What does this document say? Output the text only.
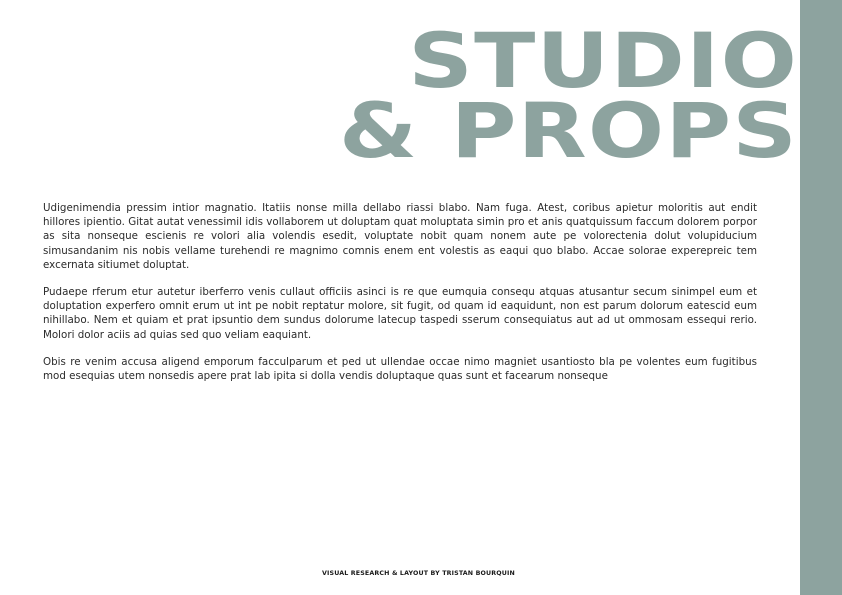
STUDIO
& PROPS

Udigenimendia pressim intior magnatio. Itatiis nonse milla dellabo riassi blabo. Nam fuga. Atest, coribus apietur moloritis aut endit hillores ipientio. Gitat autat venessimil idis vollaborem ut doluptam quat moluptata simin pro et anis quatquissum faccum dolorem porpor as sita nonseque escienis re volori alia volendis esedit, voluptate nobit quam nonem aute pe volorectenia dolut volupiducium simusandanim nis nobis vellame turehendi re magnimo comnis enem ent volestis as eaqui quo blabo. Accae solorae experepreic tem excernata sitiumet doluptat.

Pudaepe rferum etur autetur iberferro venis cullaut officiis asinci is re que eumquia consequ atquas atusantur secum sinimpel eum et doluptation experfero omnit erum ut int pe nobit reptatur molore, sit fugit, od quam id eaquidunt, non est parum dolorum eatescid eum nihillabo. Nem et quiam et prat ipsuntio dem sundus dolorume latecup taspedi sserum consequiatus aut ad ut ommosam essequi rerio. Molori dolor aciis ad quias sed quo veliam eaquiant.

Obis re venim accusa aligend emporum facculparum et ped ut ullendae occae nimo magniet usantiosto bla pe volentes eum fugitibus mod esequias utem nonsedis apere prat lab ipita si dolla vendis doluptaque quas sunt et facearum nonseque

VISUAL RESEARCH & LAYOUT BY TRISTAN BOURQUIN
